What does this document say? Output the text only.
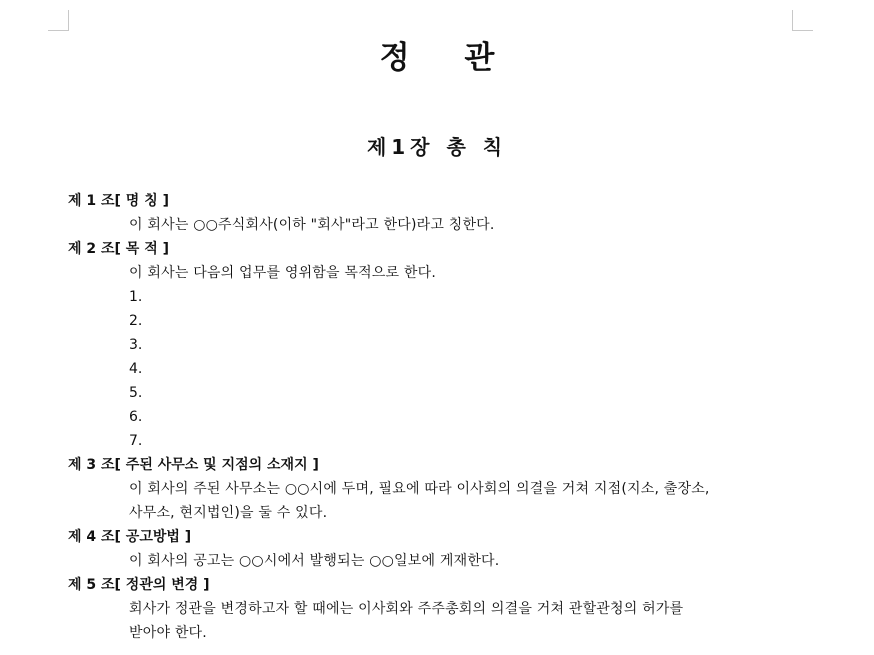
정 관
제1장 총 칙
제 1 조[ 명 칭 ]
이 회사는 ○○주식회사(이하 "회사"라고 한다)라고 칭한다.
제 2 조[ 목 적 ]
이 회사는 다음의 업무를 영위함을 목적으로 한다.
1.
2.
3.
4.
5.
6.
7.
제 3 조[ 주된 사무소 및 지점의 소재지 ]
이 회사의 주된 사무소는 ○○시에 두며, 필요에 따라 이사회의 의결을 거쳐 지점(지소, 출장소,
사무소, 현지법인)을 둘 수 있다.
제 4 조[ 공고방법 ]
이 회사의 공고는 ○○시에서 발행되는 ○○일보에 게재한다.
제 5 조[ 정관의 변경 ]
회사가 정관을 변경하고자 할 때에는 이사회와 주주총회의 의결을 거쳐 관할관청의 허가를
받아야 한다.
